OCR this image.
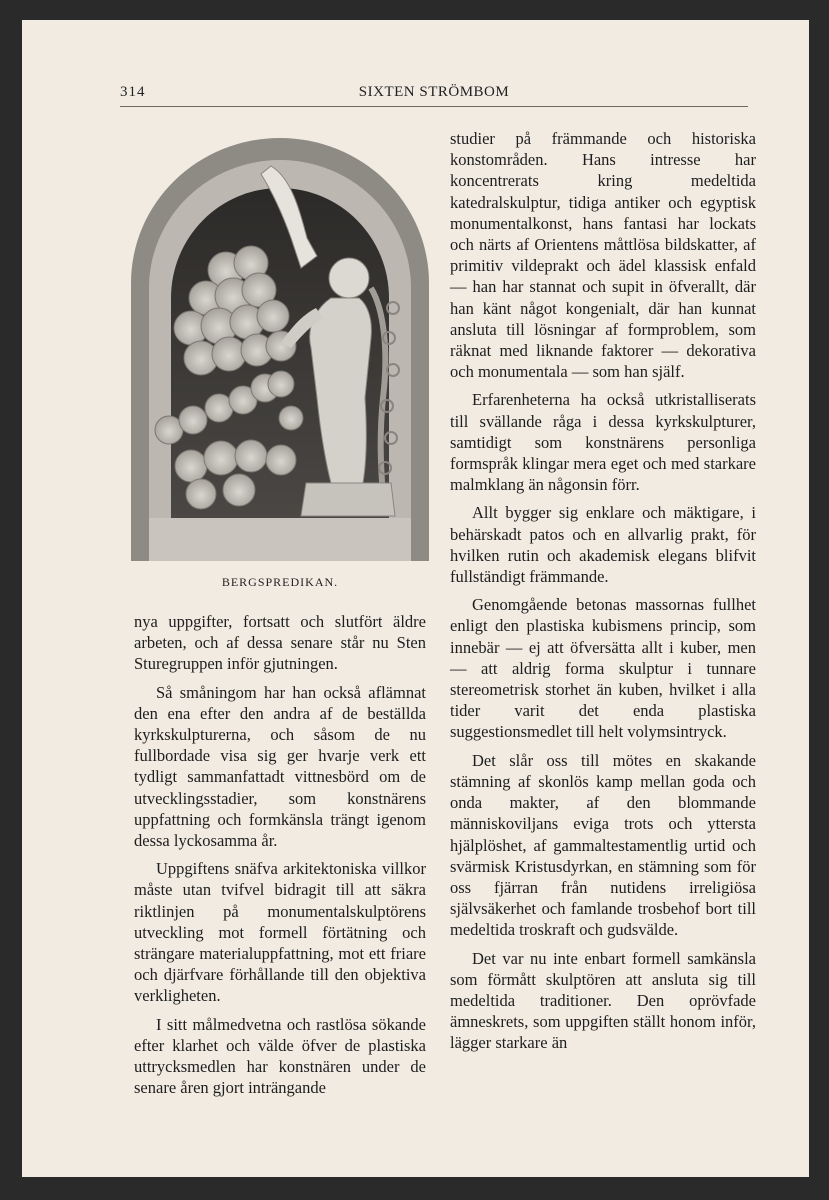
314	SIXTEN STRÖMBOM
BERGSPREDIKAN.

nya uppgifter, fortsatt och slutfört äldre arbeten, och af dessa senare står nu Sten Sturegruppen inför gjutningen.

Så småningom har han också aflämnat den ena efter den andra af de beställda kyrkskulpturerna, och såsom de nu fullbordade visa sig ger hvarje verk ett tydligt sammanfattadt vittnesbörd om de utvecklingsstadier, som konstnärens uppfattning och formkänsla trängt igenom dessa lyckosamma år.

Uppgiftens snäfva arkitektoniska villkor måste utan tvifvel bidragit till att säkra riktlinjen på monumentalskulptörens utveckling mot formell förtätning och strängare materialuppfattning, mot ett friare och djärfvare förhållande till den objektiva verkligheten.

I sitt målmedvetna och rastlösa sökande efter klarhet och välde öfver de plastiska uttrycksmedlen har konstnären under de senare åren gjort inträngande

studier på främmande och historiska konstområden. Hans intresse har koncentrerats kring medeltida katedralskulptur, tidiga antiker och egyptisk monumentalkonst, hans fantasi har lockats och närts af Orientens måttlösa bildskatter, af primitiv vildeprakt och ädel klassisk enfald — han har stannat och supit in öfverallt, där han känt något kongenialt, där han kunnat ansluta till lösningar af formproblem, som räknat med liknande faktorer — dekorativa och monumentala — som han själf.

Erfarenheterna ha också utkristalliserats till svällande råga i dessa kyrkskulpturer, samtidigt som konstnärens personliga formspråk klingar mera eget och med starkare malmklang än någonsin förr.

Allt bygger sig enklare och mäktigare, i behärskadt patos och en allvarlig prakt, för hvilken rutin och akademisk elegans blifvit fullständigt främmande.

Genomgående betonas massornas fullhet enligt den plastiska kubismens princip, som innebär — ej att öfversätta allt i kuber, men — att aldrig forma skulptur i tunnare stereometrisk storhet än kuben, hvilket i alla tider varit det enda plastiska suggestionsmedlet till helt volymsintryck.

Det slår oss till mötes en skakande stämning af skonlös kamp mellan goda och onda makter, af den blommande människoviljans eviga trots och yttersta hjälplöshet, af gammaltestamentlig urtid och svärmisk Kristusdyrkan, en stämning som för oss fjärran från nutidens irreligiösa självsäkerhet och famlande trosbehof bort till medeltida troskraft och gudsvälde.

Det var nu inte enbart formell samkänsla som förmått skulptören att ansluta sig till medeltida traditioner. Den oprövfade ämneskrets, som uppgiften ställt honom inför, lägger starkare än
